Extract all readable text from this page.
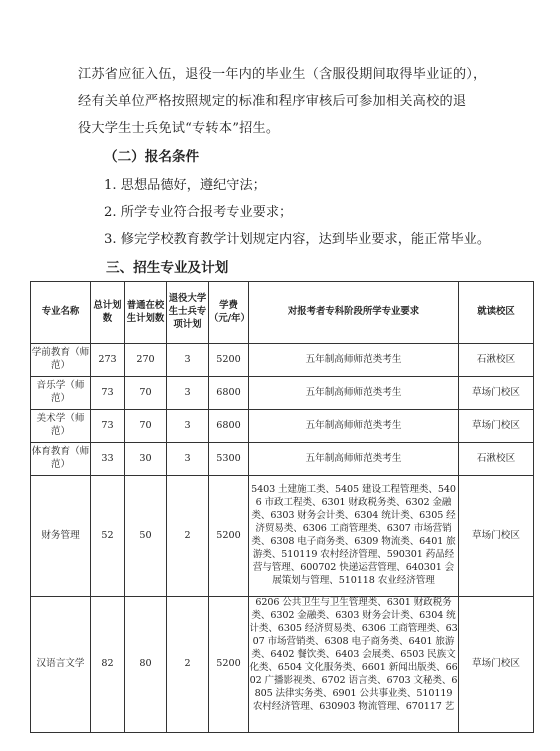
江苏省应征入伍，退役一年内的毕业生（含服役期间取得毕业证的），
经有关单位严格按照规定的标准和程序审核后可参加相关高校的退
役大学生士兵免试“专转本”招生。
（二）报名条件
1. 思想品德好，遵纪守法；
2. 所学专业符合报考专业要求；
3. 修完学校教育教学计划规定内容，达到毕业要求，能正常毕业。
三、招生专业及计划
专业名称	总计划数	普通在校生计划数	退役大学生士兵专项计划	学费（元/年）	对报考者专科阶段所学专业要求	就读校区
学前教育（师范）	273	270	3	5200	五年制高师师范类考生	石湫校区
音乐学（师范）	73	70	3	6800	五年制高师师范类考生	草场门校区
美术学（师范）	73	70	3	6800	五年制高师师范类考生	草场门校区
体育教育（师范）	33	30	3	5300	五年制高师师范类考生	石湫校区
财务管理	52	50	2	5200	5403 土建施工类、5405 建设工程管理类、5406 市政工程类、6301 财政税务类、6302 金融类、6303 财务会计类、6304 统计类、6305 经济贸易类、6306 工商管理类、6307 市场营销类、6308 电子商务类、6309 物流类、6401 旅游类、510119 农村经济管理、590301 药品经营与管理、600702 快递运营管理、640301 会展策划与管理、510118 农业经济管理	草场门校区
汉语言文学	82	80	2	5200	6206 公共卫生与卫生管理类、6301 财政税务类、6302 金融类、6303 财务会计类、6304 统计类、6305 经济贸易类、6306 工商管理类、6307 市场营销类、6308 电子商务类、6401 旅游类、6402 餐饮类、6403 会展类、6503 民族文化类、6504 文化服务类、6601 新闻出版类、6602 广播影视类、6702 语言类、6703 文秘类、6805 法律实务类、6901 公共事业类、510119 农村经济管理、630903 物流管理、670117 艺	草场门校区
